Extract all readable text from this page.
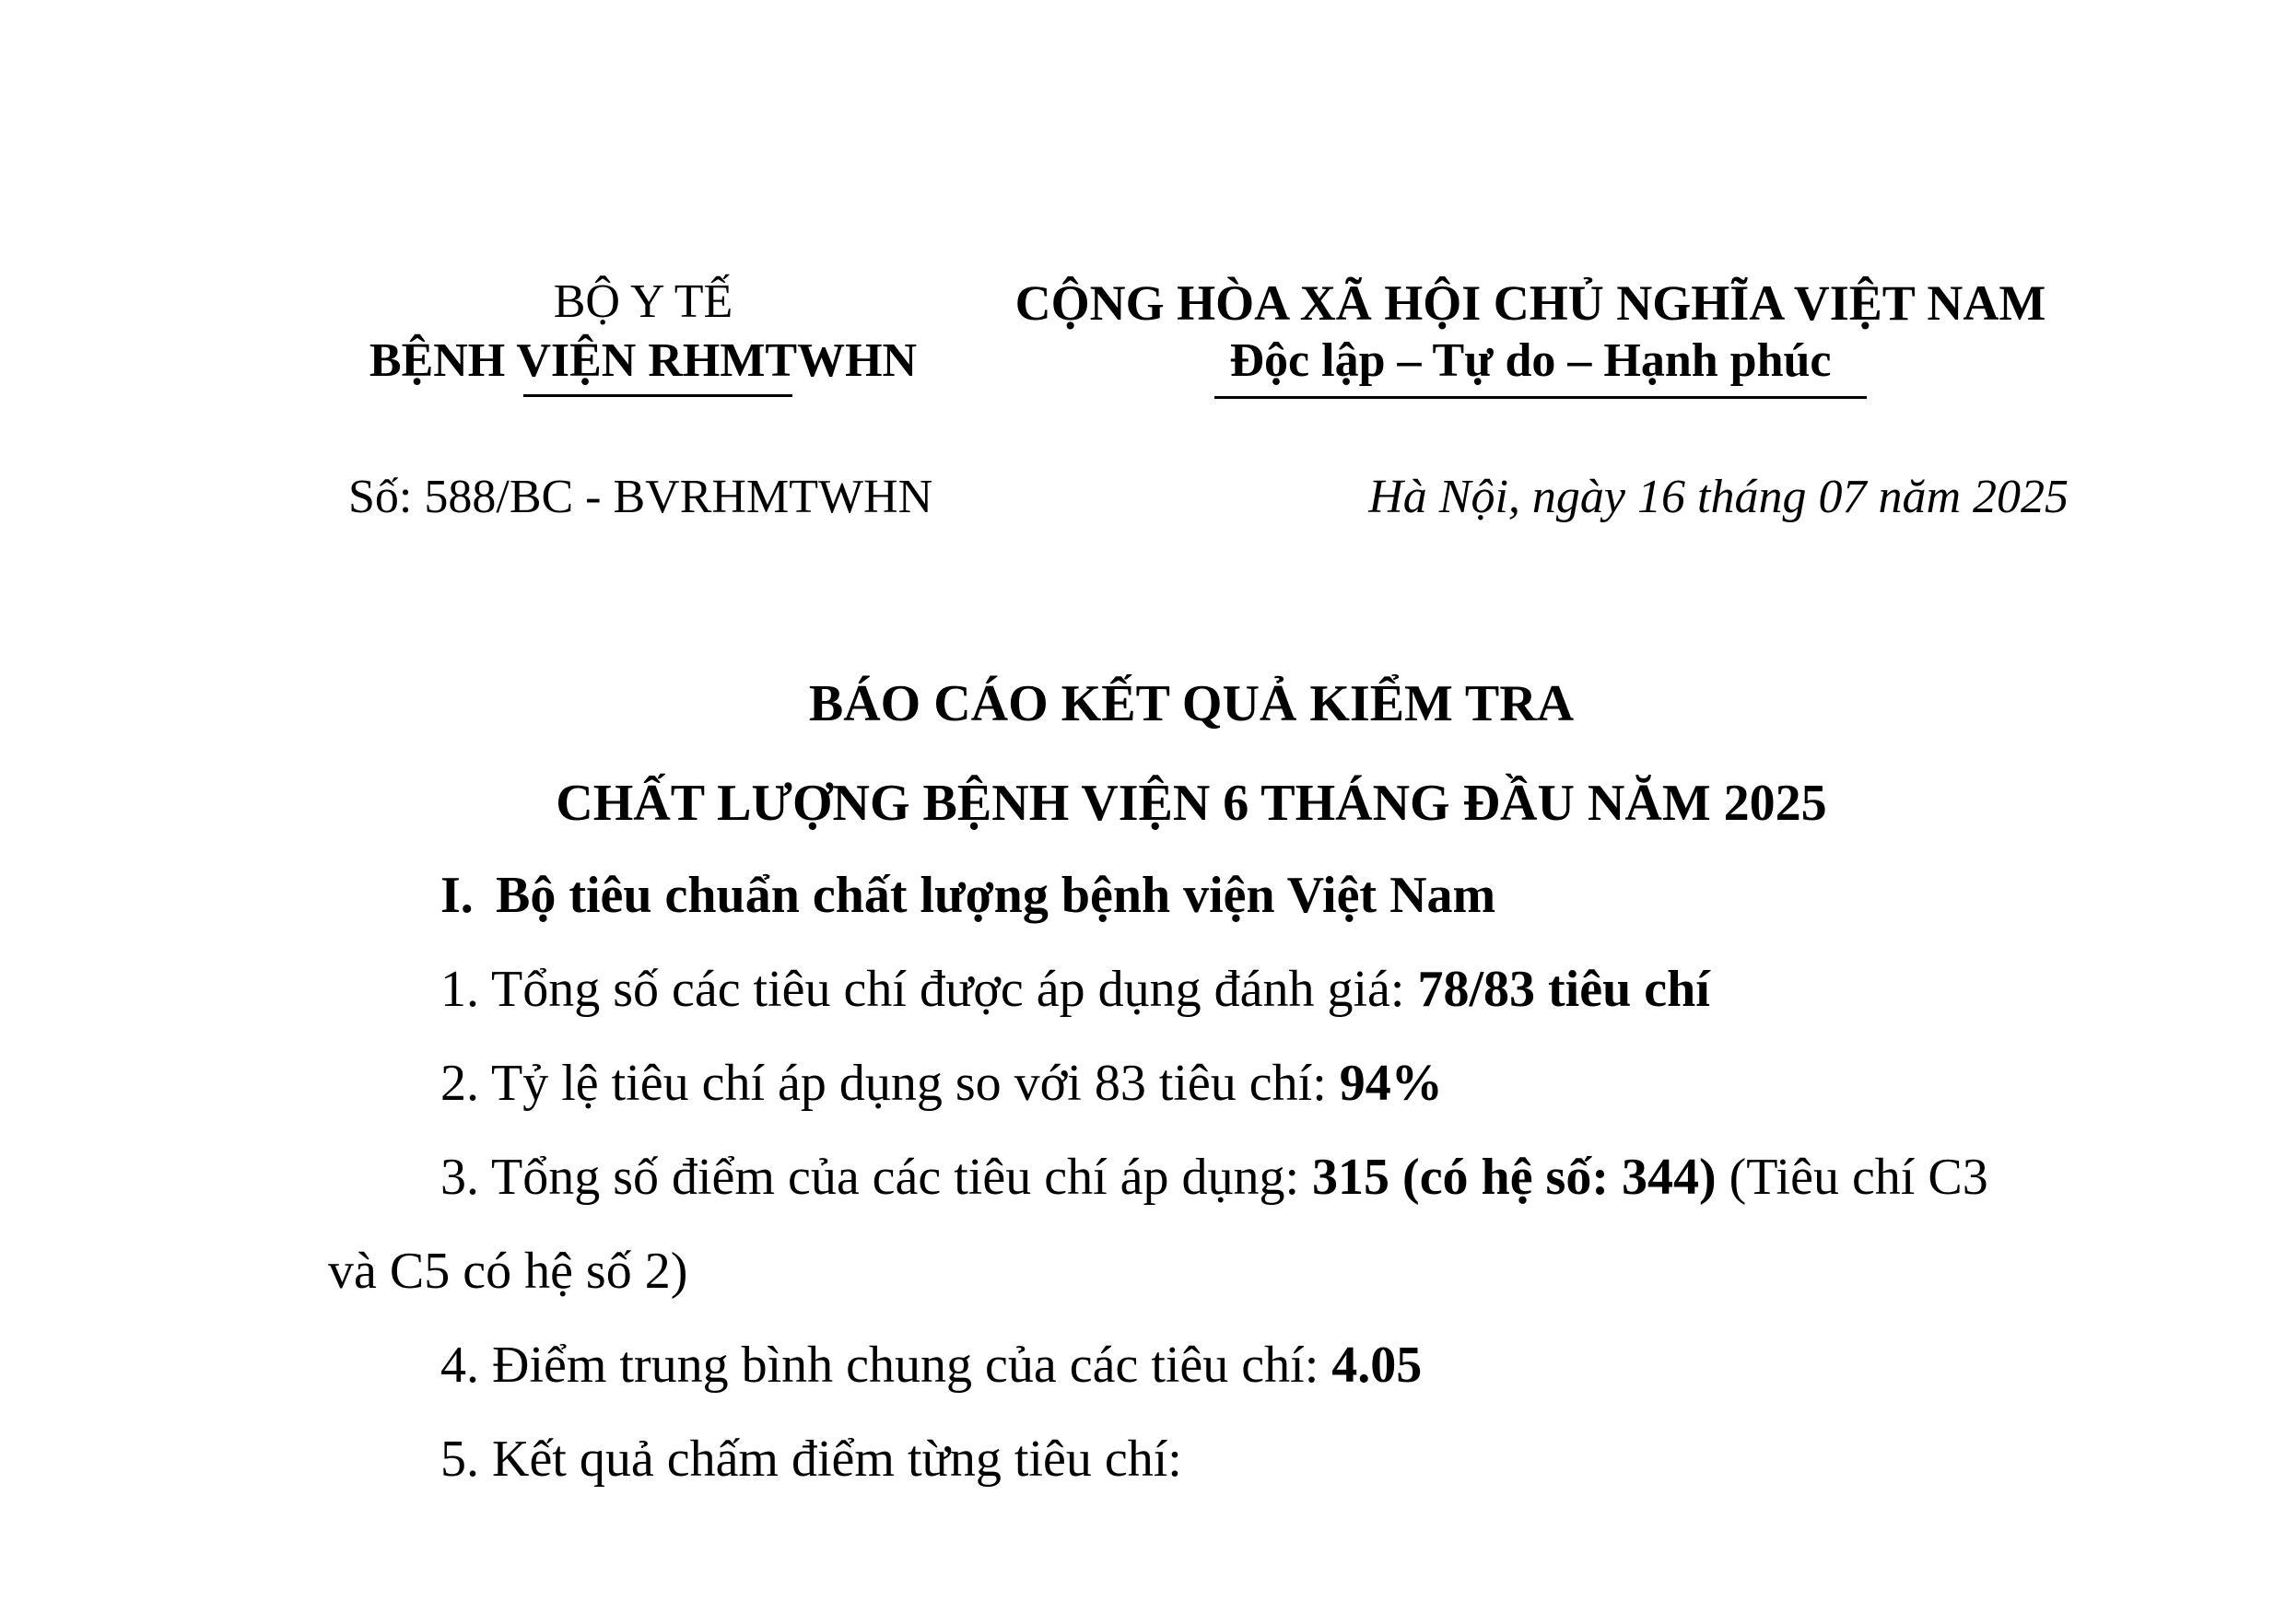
BỘ Y TẾ
BỆNH VIỆN RHMTWHN
CỘNG HÒA XÃ HỘI CHỦ NGHĨA VIỆT NAM
Độc lập – Tự do – Hạnh phúc
Số: 588/BC - BVRHMTWHN	Hà Nội, ngày 16 tháng 07 năm 2025
BÁO CÁO KẾT QUẢ KIỂM TRA
CHẤT LƯỢNG BỆNH VIỆN 6 THÁNG ĐẦU NĂM 2025
I. Bộ tiêu chuẩn chất lượng bệnh viện Việt Nam
1. Tổng số các tiêu chí được áp dụng đánh giá: 78/83 tiêu chí
2. Tỷ lệ tiêu chí áp dụng so với 83 tiêu chí: 94%
3. Tổng số điểm của các tiêu chí áp dụng: 315 (có hệ số: 344) (Tiêu chí C3
và C5 có hệ số 2)
4. Điểm trung bình chung của các tiêu chí: 4.05
5. Kết quả chấm điểm từng tiêu chí:
